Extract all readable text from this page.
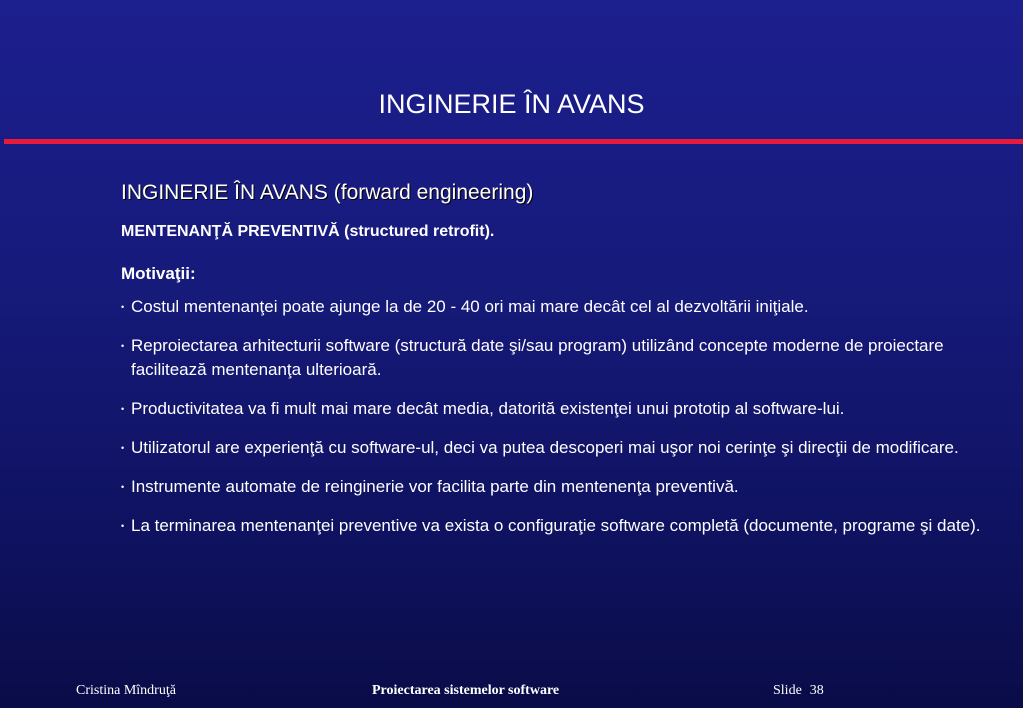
INGINERIE ÎN AVANS
INGINERIE ÎN AVANS (forward engineering)
MENTENANŢĂ PREVENTIVĂ (structured retrofit).
Motivaţii:
• Costul mentenanţei poate ajunge la de 20 - 40 ori mai mare decât cel al dezvoltării iniţiale.
• Reproiectarea arhitecturii software (structură date şi/sau program) utilizând concepte moderne de proiectare facilitează mentenanţa ulterioară.
• Productivitatea va fi mult mai mare decât media, datorită existenţei unui prototip al software-lui.
• Utilizatorul are experienţă cu software-ul, deci va putea descoperi mai uşor noi cerinţe şi direcţii de modificare.
• Instrumente automate de reinginerie vor facilita parte din mentenenţa preventivă.
• La terminarea mentenanţei preventive va exista o configuraţie software completă (documente, programe şi date).
Cristina Mîndruţă	Proiectarea sistemelor software	Slide 38
